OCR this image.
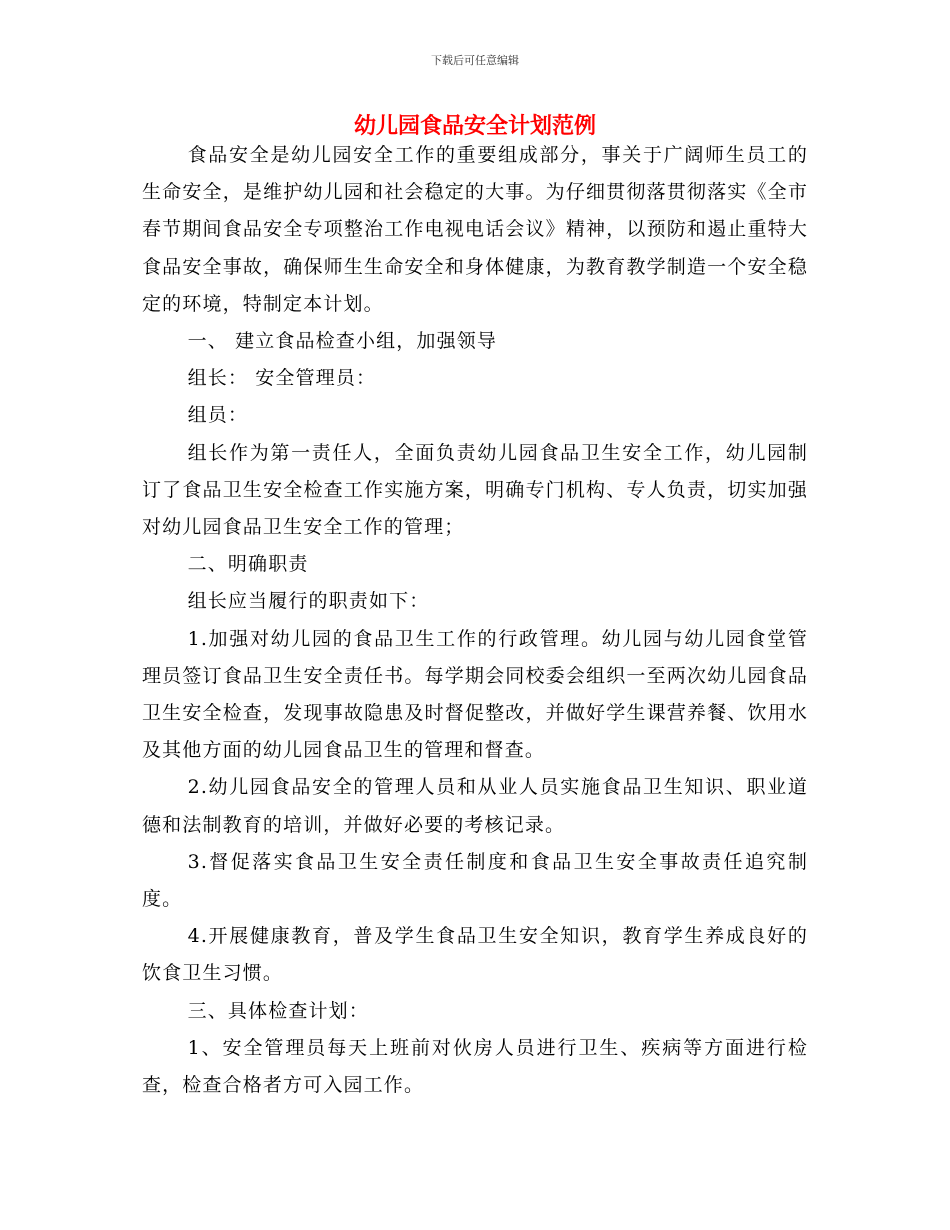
下载后可任意编辑
幼儿园食品安全计划范例

食品安全是幼儿园安全工作的重要组成部分，事关于广阔师生员工的生命安全，是维护幼儿园和社会稳定的大事。为仔细贯彻落贯彻落实《全市春节期间食品安全专项整治工作电视电话会议》精神，以预防和遏止重特大食品安全事故，确保师生生命安全和身体健康，为教育教学制造一个安全稳定的环境，特制定本计划。

一、 建立食品检查小组，加强领导

组长： 安全管理员：

组员：

组长作为第一责任人，全面负责幼儿园食品卫生安全工作，幼儿园制订了食品卫生安全检查工作实施方案，明确专门机构、专人负责，切实加强对幼儿园食品卫生安全工作的管理；

二、明确职责

组长应当履行的职责如下：

1.加强对幼儿园的食品卫生工作的行政管理。幼儿园与幼儿园食堂管理员签订食品卫生安全责任书。每学期会同校委会组织一至两次幼儿园食品卫生安全检查，发现事故隐患及时督促整改，并做好学生课营养餐、饮用水及其他方面的幼儿园食品卫生的管理和督查。

2.幼儿园食品安全的管理人员和从业人员实施食品卫生知识、职业道德和法制教育的培训，并做好必要的考核记录。

3.督促落实食品卫生安全责任制度和食品卫生安全事故责任追究制度。

4.开展健康教育，普及学生食品卫生安全知识，教育学生养成良好的饮食卫生习惯。

三、具体检查计划：

1、安全管理员每天上班前对伙房人员进行卫生、疾病等方面进行检查，检查合格者方可入园工作。
